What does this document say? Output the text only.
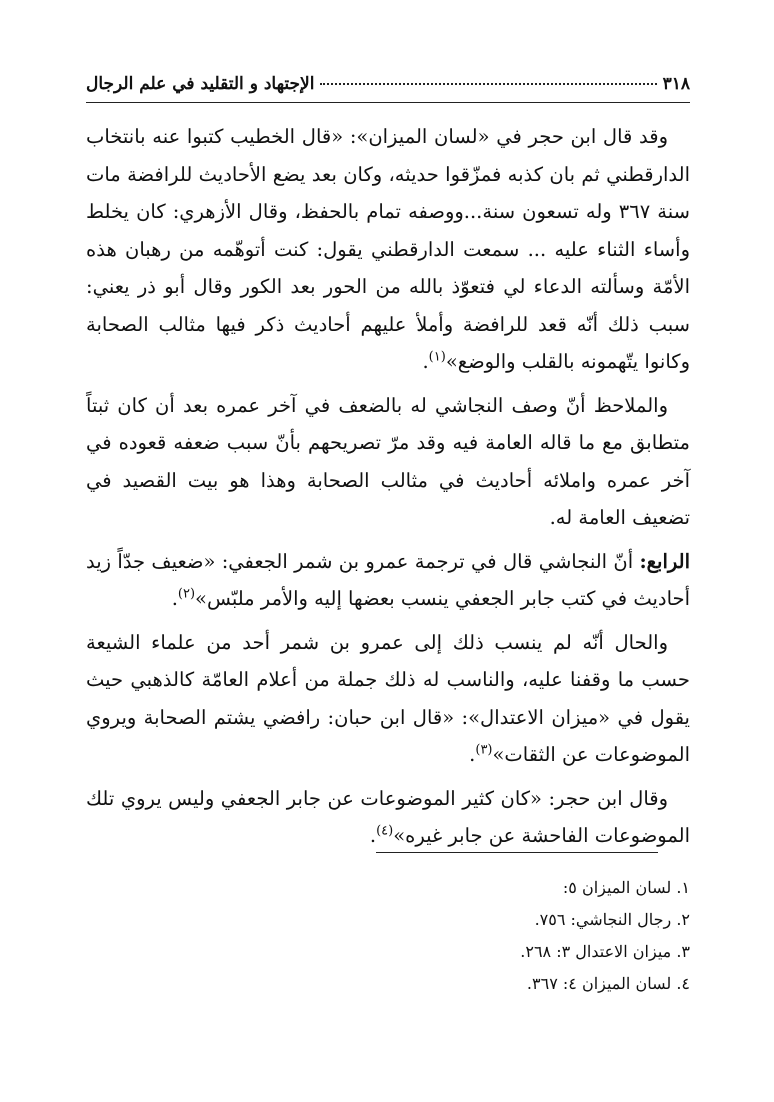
٣١٨
الإجتهاد و التقليد في علم الرجال

وقد قال ابن حجر في «لسان الميزان»: «قال الخطيب كتبوا عنه بانتخاب الدارقطني ثم بان كذبه فمزّقوا حديثه، وكان بعد يضع الأحاديث للرافضة مات سنة ٣٦٧ وله تسعون سنة...ووصفه تمام بالحفظ، وقال الأزهري: كان يخلط وأساء الثناء عليه ... سمعت الدارقطني يقول: كنت أتوهّمه من رهبان هذه الأمّة وسألته الدعاء لي فتعوّذ بالله من الحور بعد الكور وقال أبو ذر يعني: سبب ذلك أنّه قعد للرافضة وأملأ عليهم أحاديث ذكر فيها مثالب الصحابة وكانوا يتّهمونه بالقلب والوضع»$^{(١)}$.

والملاحظ أنّ وصف النجاشي له بالضعف في آخر عمره بعد أن كان ثبتاً متطابق مع ما قاله العامة فيه وقد مرّ تصريحهم بأنّ سبب ضعفه قعوده في آخر عمره واملائه أحاديث في مثالب الصحابة وهذا هو بيت القصيد في تضعيف العامة له.

الرابع: أنّ النجاشي قال في ترجمة عمرو بن شمر الجعفي: «ضعيف جدّاً زيد أحاديث في كتب جابر الجعفي ينسب بعضها إليه والأمر ملبّس»$^{(٢)}$.

والحال أنّه لم ينسب ذلك إلى عمرو بن شمر أحد من علماء الشيعة حسب ما وقفنا عليه، والناسب له ذلك جملة من أعلام العامّة كالذهبي حيث يقول في «ميزان الاعتدال»: «قال ابن حبان: رافضي يشتم الصحابة ويروي الموضوعات عن الثقات»$^{(٣)}$.

وقال ابن حجر: «كان كثير الموضوعات عن جابر الجعفي وليس يروي تلك الموضوعات الفاحشة عن جابر غيره»$^{(٤)}$.

١. لسان الميزان ٥:
٢. رجال النجاشي: ٧٥٦.
٣. ميزان الاعتدال ٣: ٢٦٨.
٤. لسان الميزان ٤: ٣٦٧.
